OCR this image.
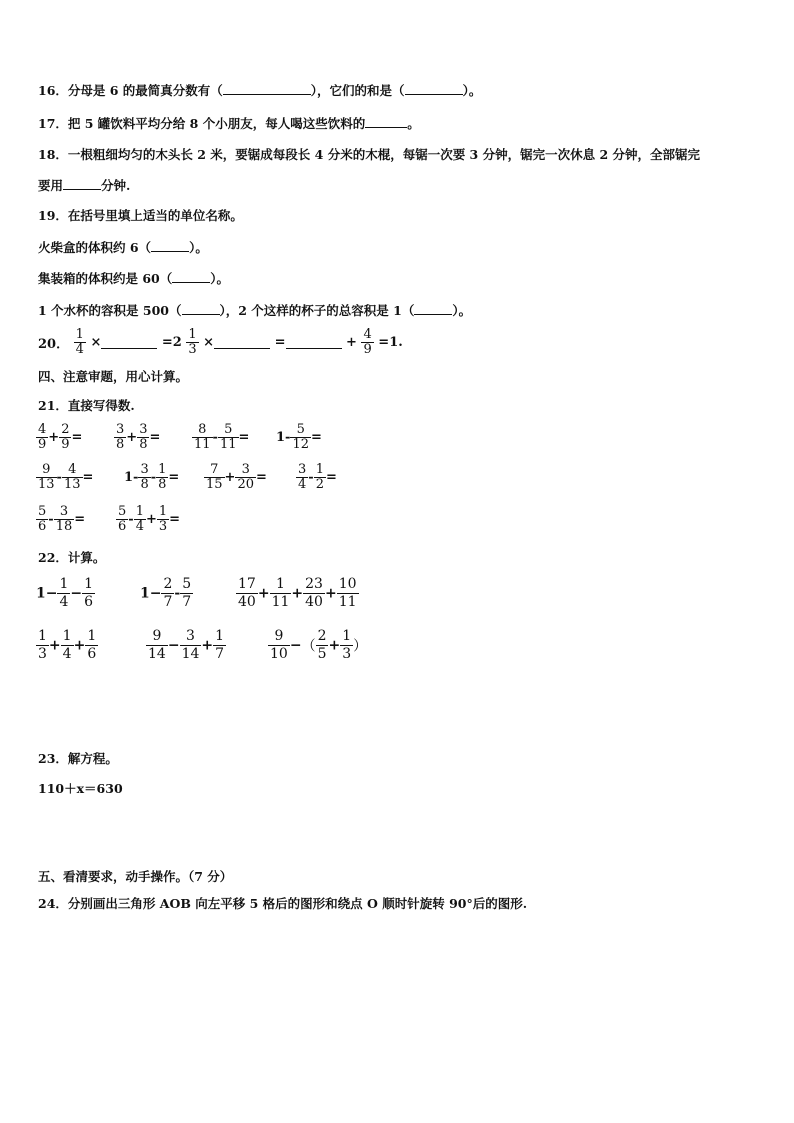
16．分母是 6 的最简真分数有（	），它们的和是（	）。
17．把 5 罐饮料平均分给 8 个小朋友，每人喝这些饮料的	。
18．一根粗细均匀的木头长 2 米，要锯成每段长 4 分米的木棍，每锯一次要 3 分钟，锯完一次休息 2 分钟，全部锯完
要用	分钟.
19．在括号里填上适当的单位名称。
火柴盒的体积约 6（	）。
集装箱的体积约是 60（	）。
1 个水杯的容积是 500（	），2 个这样的杯子的总容积是 1（	）。
20． $\frac{1}{4}$ ×	$=2 \frac{1}{3}$ ×	=	+ $\frac{4}{9} =1$.
四、注意审题，用心计算。
21．直接写得数.
$\frac{4}{9} + \frac{2}{9} = \frac{3}{8} + \frac{3}{8} = \frac{8}{11} - \frac{5}{11} = 1- \frac{5}{12}$ =
$\frac{9}{13} - \frac{4}{13} = 1- \frac{3}{8} - \frac{1}{8} = \frac{7}{15} + \frac{3}{20} = \frac{3}{4} - \frac{1}{2}$ =
$\frac{5}{6} - \frac{3}{18} = \frac{5}{6} - \frac{1}{4} + \frac{1}{3}$ =
22．计算。
$1- \frac{1}{4} - \frac{1}{6}$	$1- \frac{2}{7} - \frac{5}{7}$	$\frac{17}{40} + \frac{1}{11} + \frac{23}{40} + \frac{10}{11}$
$\frac{1}{3} + \frac{1}{4} + \frac{1}{6}$	$\frac{9}{14} - \frac{3}{14} + \frac{1}{7}$	$\frac{9}{10}$ −（ $\frac{2}{5} + \frac{1}{3}$ ）
23．解方程。
110＋x＝630
五、看清要求，动手操作。（7 分）
24．分别画出三角形 AOB 向左平移 5 格后的图形和绕点 O 顺时针旋转 90°后的图形.
